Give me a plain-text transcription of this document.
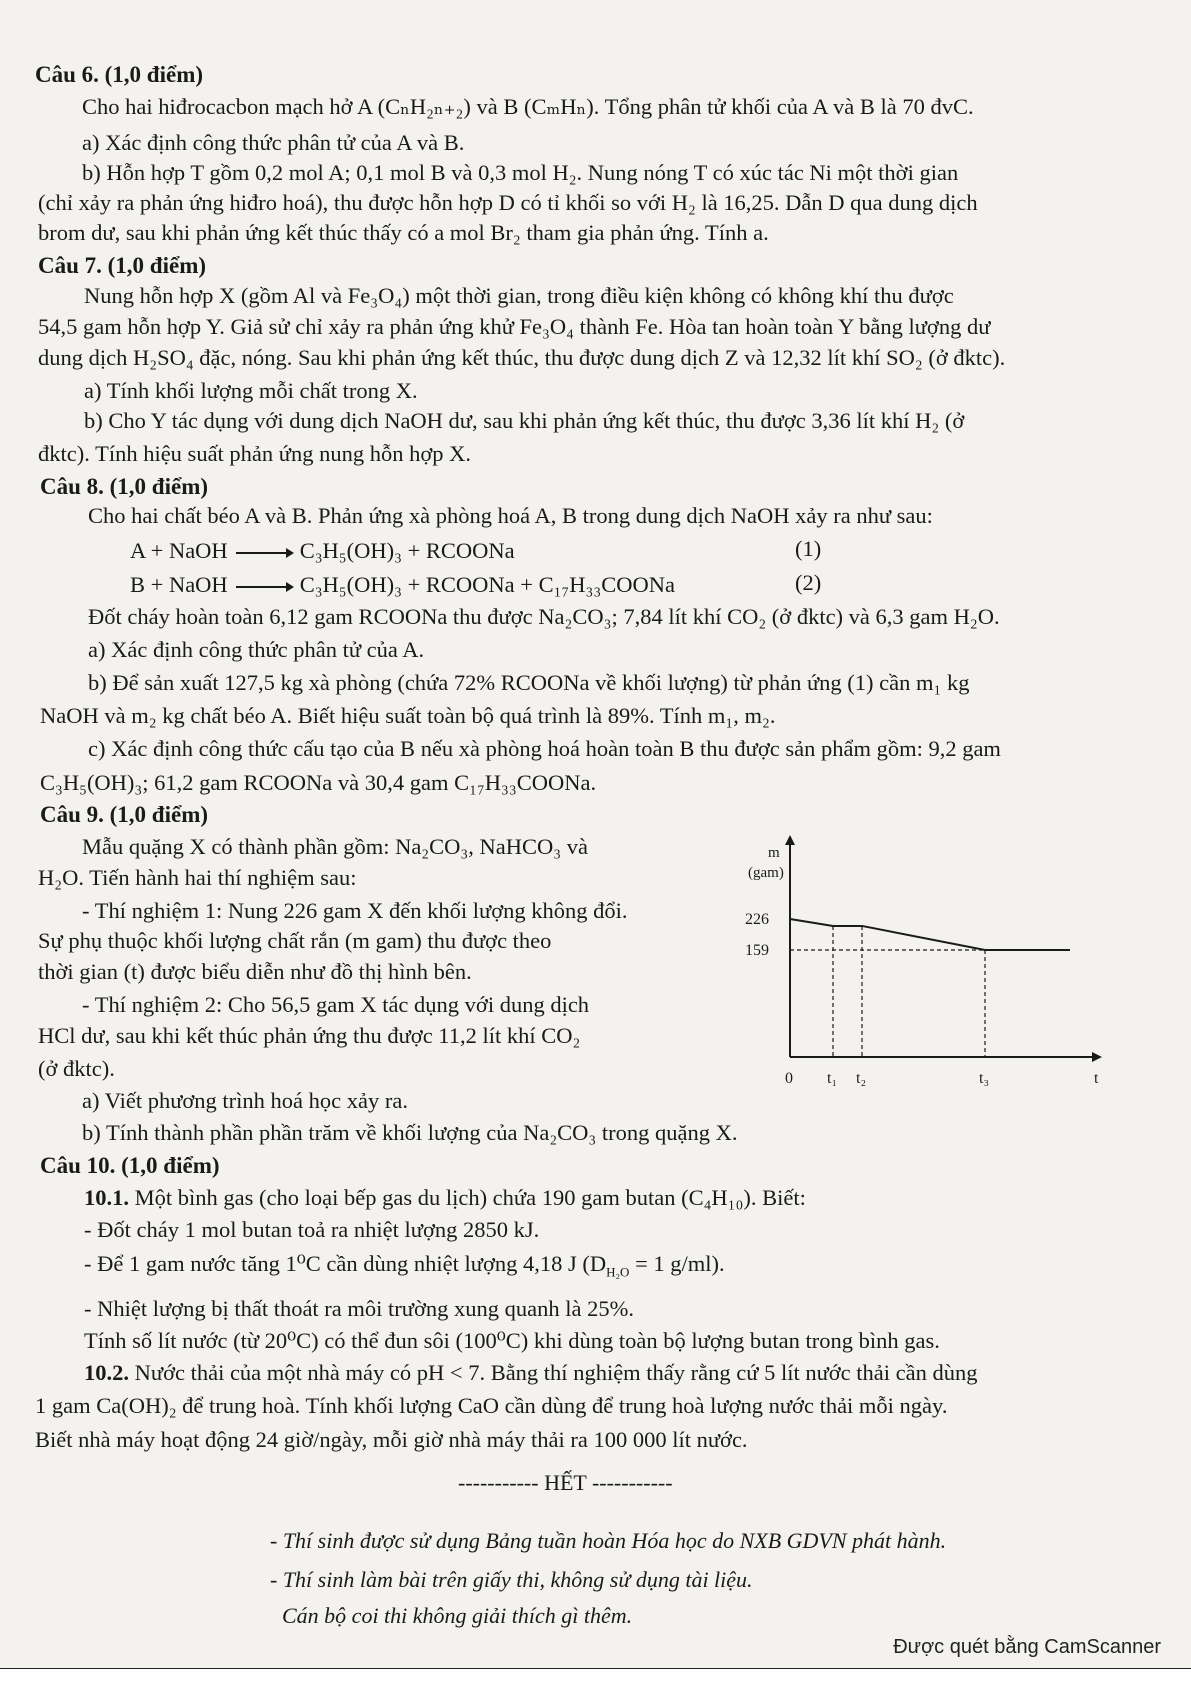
Câu 6. (1,0 điểm)
Cho hai hiđrocacbon mạch hở A (CₙH₂ₙ₊₂) và B (CₘHₙ). Tổng phân tử khối của A và B là 70 đvC.
a) Xác định công thức phân tử của A và B.
b) Hỗn hợp T gồm 0,2 mol A; 0,1 mol B và 0,3 mol H₂. Nung nóng T có xúc tác Ni một thời gian
(chỉ xảy ra phản ứng hiđro hoá), thu được hỗn hợp D có tỉ khối so với H₂ là 16,25. Dẫn D qua dung dịch
brom dư, sau khi phản ứng kết thúc thấy có a mol Br₂ tham gia phản ứng. Tính a.
Câu 7. (1,0 điểm)
Nung hỗn hợp X (gồm Al và Fe₃O₄) một thời gian, trong điều kiện không có không khí thu được
54,5 gam hỗn hợp Y. Giả sử chỉ xảy ra phản ứng khử Fe₃O₄ thành Fe. Hòa tan hoàn toàn Y bằng lượng dư
dung dịch H₂SO₄ đặc, nóng. Sau khi phản ứng kết thúc, thu được dung dịch Z và 12,32 lít khí SO₂ (ở đktc).
a) Tính khối lượng mỗi chất trong X.
b) Cho Y tác dụng với dung dịch NaOH dư, sau khi phản ứng kết thúc, thu được 3,36 lít khí H₂ (ở
đktc). Tính hiệu suất phản ứng nung hỗn hợp X.
Câu 8. (1,0 điểm)
Cho hai chất béo A và B. Phản ứng xà phòng hoá A, B trong dung dịch NaOH xảy ra như sau:
A + NaOH → C₃H₅(OH)₃ + RCOONa	(1)
B + NaOH → C₃H₅(OH)₃ + RCOONa + C₁₇H₃₃COONa	(2)
Đốt cháy hoàn toàn 6,12 gam RCOONa thu được Na₂CO₃; 7,84 lít khí CO₂ (ở đktc) và 6,3 gam H₂O.
a) Xác định công thức phân tử của A.
b) Để sản xuất 127,5 kg xà phòng (chứa 72% RCOONa về khối lượng) từ phản ứng (1) cần m₁ kg
NaOH và m₂ kg chất béo A. Biết hiệu suất toàn bộ quá trình là 89%. Tính m₁, m₂.
c) Xác định công thức cấu tạo của B nếu xà phòng hoá hoàn toàn B thu được sản phẩm gồm: 9,2 gam
C₃H₅(OH)₃; 61,2 gam RCOONa và 30,4 gam C₁₇H₃₃COONa.
Câu 9. (1,0 điểm)
Mẫu quặng X có thành phần gồm: Na₂CO₃, NaHCO₃ và
H₂O. Tiến hành hai thí nghiệm sau:
- Thí nghiệm 1: Nung 226 gam X đến khối lượng không đổi.
Sự phụ thuộc khối lượng chất rắn (m gam) thu được theo
thời gian (t) được biểu diễn như đồ thị hình bên.
- Thí nghiệm 2: Cho 56,5 gam X tác dụng với dung dịch
HCl dư, sau khi kết thúc phản ứng thu được 11,2 lít khí CO₂
(ở đktc).
a) Viết phương trình hoá học xảy ra.
b) Tính thành phần phần trăm về khối lượng của Na₂CO₃ trong quặng X.
m
(gam)
t
0
226
159
t₁ t₂	t₃
Câu 10. (1,0 điểm)
10.1. Một bình gas (cho loại bếp gas du lịch) chứa 190 gam butan (C₄H₁₀). Biết:
- Đốt cháy 1 mol butan toả ra nhiệt lượng 2850 kJ.
- Để 1 gam nước tăng 1⁰C cần dùng nhiệt lượng 4,18 J ($D_{H_2O} = 1$ g/ml).
- Nhiệt lượng bị thất thoát ra môi trường xung quanh là 25%.
Tính số lít nước (từ 20⁰C) có thể đun sôi (100⁰C) khi dùng toàn bộ lượng butan trong bình gas.
10.2. Nước thải của một nhà máy có pH < 7. Bằng thí nghiệm thấy rằng cứ 5 lít nước thải cần dùng
1 gam Ca(OH)₂ để trung hoà. Tính khối lượng CaO cần dùng để trung hoà lượng nước thải mỗi ngày.
Biết nhà máy hoạt động 24 giờ/ngày, mỗi giờ nhà máy thải ra 100 000 lít nước.
----------- HẾT -----------
- Thí sinh được sử dụng Bảng tuần hoàn Hóa học do NXB GDVN phát hành.
- Thí sinh làm bài trên giấy thi, không sử dụng tài liệu.
Cán bộ coi thi không giải thích gì thêm.
Được quét bằng CamScanner
